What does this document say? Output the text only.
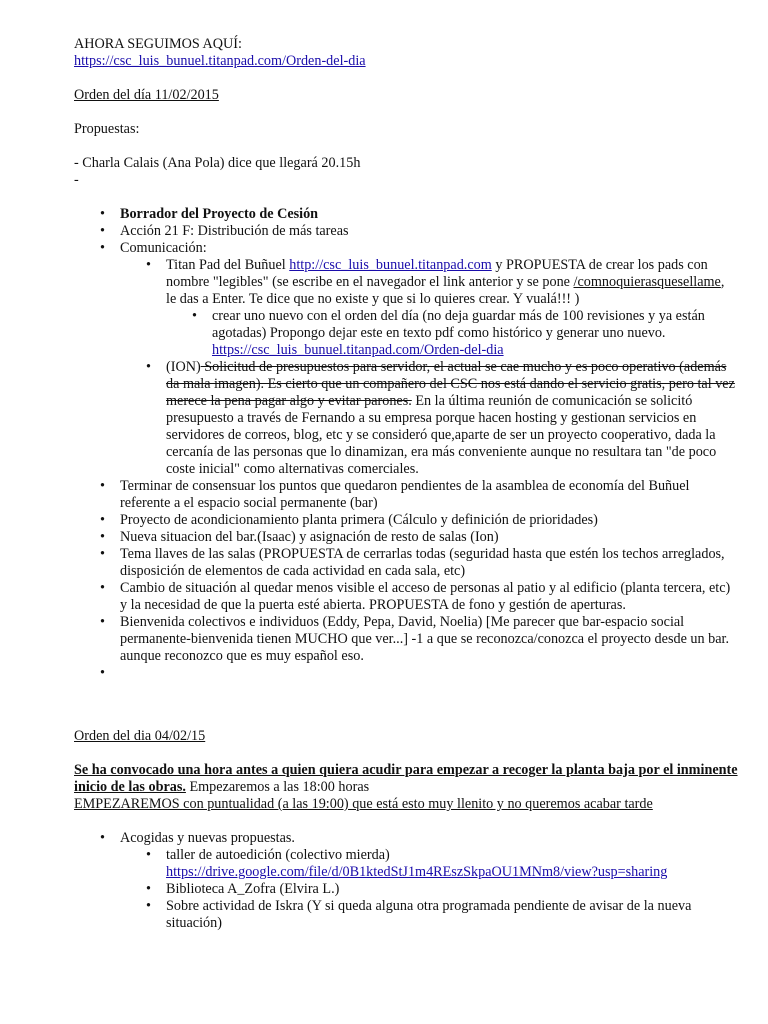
AHORA SEGUIMOS AQUÍ:

https://csc_luis_bunuel.titanpad.com/Orden-del-dia

Orden del día 11/02/2015

Propuestas:

- Charla Calais (Ana Pola) dice que llegará 20.15h

-

• Borrador del Proyecto de Cesión
• Acción 21 F: Distribución de más tareas
• Comunicación:
• Titan Pad del Buñuel http://csc_luis_bunuel.titanpad.com y PROPUESTA de crear los pads con nombre "legibles" (se escribe en el navegador el link anterior y se pone /comnoquierasquesellame, le das a Enter. Te dice que no existe y que si lo quieres crear. Y vualá!!! )
• crear uno nuevo con el orden del día (no deja guardar más de 100 revisiones y ya están agotadas) Propongo dejar este en texto pdf como histórico y generar uno nuevo. https://csc_luis_bunuel.titanpad.com/Orden-del-dia
• (ION) Solicitud de presupuestos para servidor, el actual se cae mucho y es poco operativo (además da mala imagen). Es cierto que un compañero del CSC nos está dando el servicio gratis, pero tal vez merece la pena pagar algo y evitar parones. En la última reunión de comunicación se solicitó presupuesto a través de Fernando a su empresa porque hacen hosting y gestionan servicios en servidores de correos, blog, etc y se consideró que,aparte de ser un proyecto cooperativo, dada la cercanía de las personas que lo dinamizan, era más conveniente aunque no resultara tan "de poco coste inicial" como alternativas comerciales.
• Terminar de consensuar los puntos que quedaron pendientes de la asamblea de economía del Buñuel referente a el espacio social permanente (bar)
• Proyecto de acondicionamiento planta primera (Cálculo y definición de prioridades)
• Nueva situacion del bar.(Isaac) y asignación de resto de salas (Ion)
• Tema llaves de las salas (PROPUESTA de cerrarlas todas (seguridad hasta que estén los techos arreglados, disposición de elementos de cada actividad en cada sala, etc)
• Cambio de situación al quedar menos visible el acceso de personas al patio y al edificio (planta tercera, etc) y la necesidad de que la puerta esté abierta. PROPUESTA de fono y gestión de aperturas.
• Bienvenida colectivos e individuos (Eddy, Pepa, David, Noelia) [Me parecer que bar-espacio social permanente-bienvenida tienen MUCHO que ver...] -1 a que se reconozca/conozca el proyecto desde un bar. aunque reconozco que es muy español eso.
•

Orden del dia 04/02/15

Se ha convocado una hora antes a quien quiera acudir para empezar a recoger la planta baja por el inminente inicio de las obras. Empezaremos a las 18:00 horas

EMPEZAREMOS con puntualidad (a las 19:00) que está esto muy llenito y no queremos acabar tarde

• Acogidas y nuevas propuestas.
• taller de autoedición (colectivo mierda)
https://drive.google.com/file/d/0B1ktedStJ1m4REszSkpaOU1MNm8/view?usp=sharing
• Biblioteca A_Zofra (Elvira L.)
• Sobre actividad de Iskra (Y si queda alguna otra programada pendiente de avisar de la nueva situación)
